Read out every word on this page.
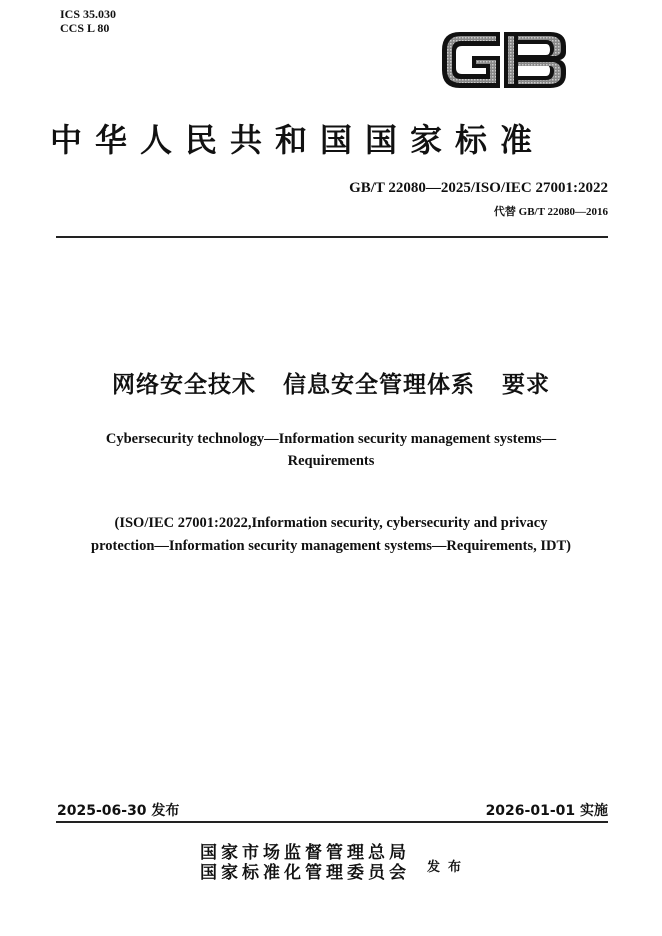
ICS 35.030
CCS L 80
中华人民共和国国家标准
GB/T 22080—2025/ISO/IEC 27001:2022
代替 GB/T 22080—2016
网络安全技术   信息安全管理体系   要求
Cybersecurity technology—Information security management systems—
Requirements
(ISO/IEC 27001:2022,Information security, cybersecurity and privacy
protection—Information security management systems—Requirements, IDT)
2025-06-30 发布	2026-01-01 实施
国家市场监督管理总局
国家标准化管理委员会 发布
